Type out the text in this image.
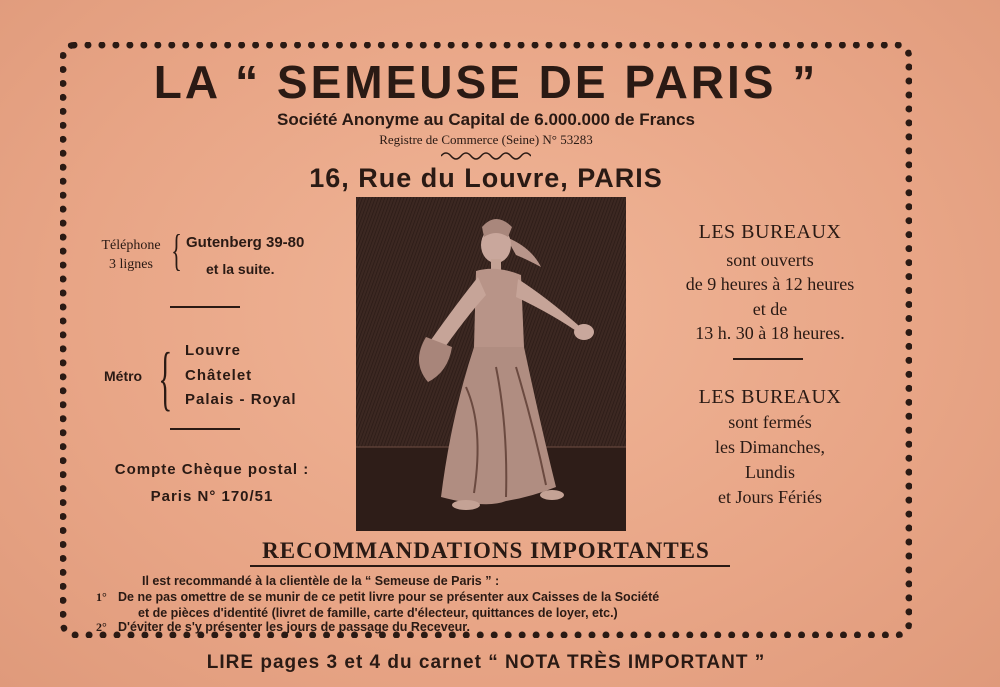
LA “ SEMEUSE DE PARIS ”
Société Anonyme au Capital de 6.000.000 de Francs
Registre de Commerce (Seine) N° 53283
16, Rue du Louvre, PARIS
Téléphone
3 lignes { Gutenberg 39-80
et la suite.
Métro { Louvre
Châtelet
Palais - Royal
Compte Chèque postal :
Paris N° 170/51
LES BUREAUX
sont ouverts
de 9 heures à 12 heures
et de
13 h. 30 à 18 heures.
LES BUREAUX
sont fermés
les Dimanches,
Lundis
et Jours Fériés
RECOMMANDATIONS IMPORTANTES
Il est recommandé à la clientèle de la “ Semeuse de Paris ” :
1° De ne pas omettre de se munir de ce petit livre pour se présenter aux Caisses de la Société
et de pièces d'identité (livret de famille, carte d'électeur, quittances de loyer, etc.)
2° D'éviter de s'y présenter les jours de passage du Receveur.
LIRE pages 3 et 4 du carnet “ NOTA TRÈS IMPORTANT ”
